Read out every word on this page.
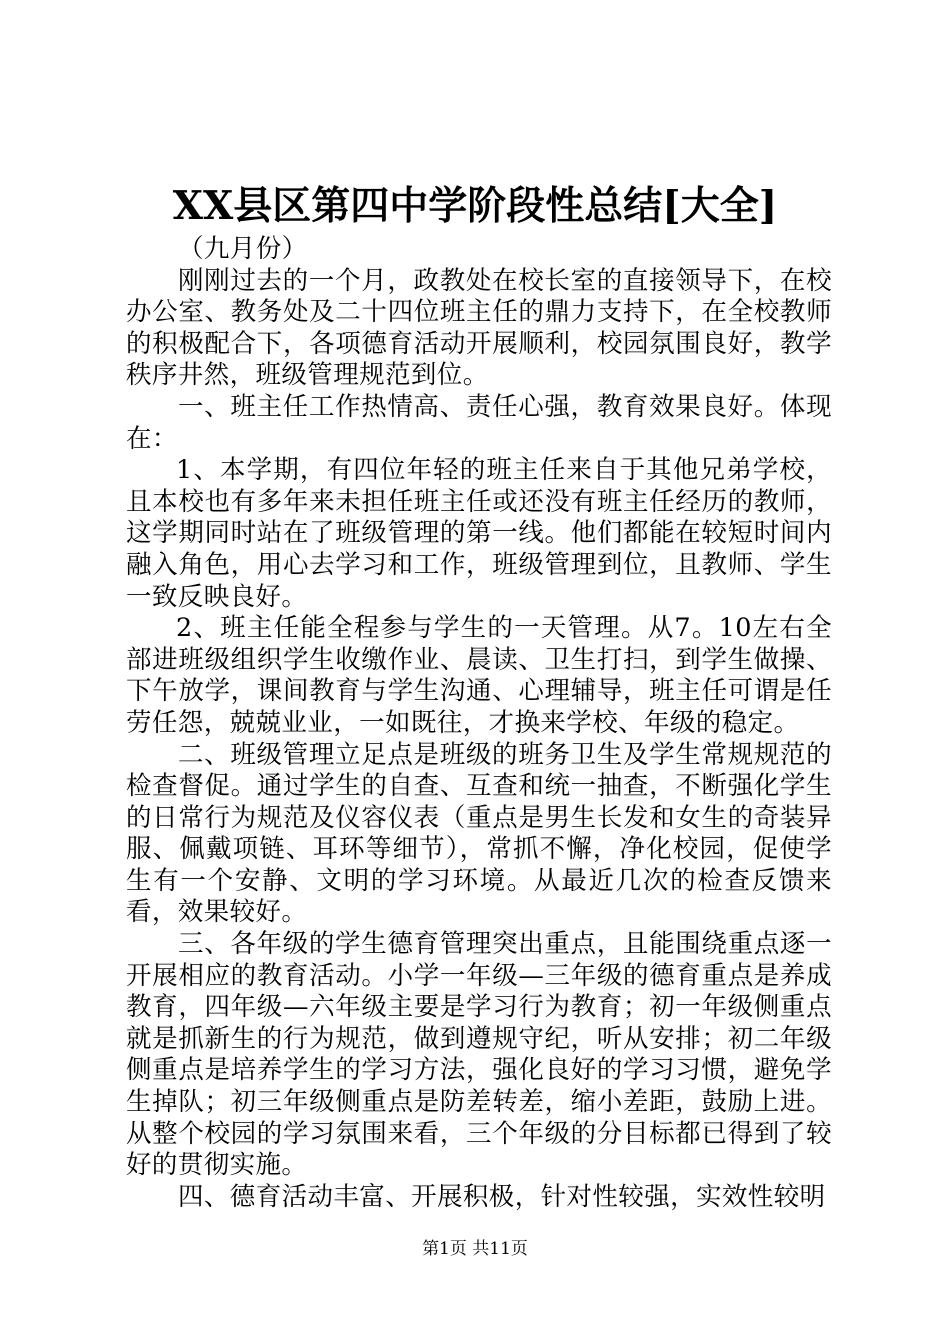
XX县区第四中学阶段性总结[大全]

（九月份）

刚刚过去的一个月，政教处在校长室的直接领导下，在校办公室、教务处及二十四位班主任的鼎力支持下，在全校教师的积极配合下，各项德育活动开展顺利，校园氛围良好，教学秩序井然，班级管理规范到位。

一、班主任工作热情高、责任心强，教育效果良好。体现在：

1、本学期，有四位年轻的班主任来自于其他兄弟学校，且本校也有多年来未担任班主任或还没有班主任经历的教师，这学期同时站在了班级管理的第一线。他们都能在较短时间内融入角色，用心去学习和工作，班级管理到位，且教师、学生一致反映良好。

2、班主任能全程参与学生的一天管理。从7。10左右全部进班级组织学生收缴作业、晨读、卫生打扫，到学生做操、下午放学，课间教育与学生沟通、心理辅导，班主任可谓是任劳任怨，兢兢业业，一如既往，才换来学校、年级的稳定。

二、班级管理立足点是班级的班务卫生及学生常规规范的检查督促。通过学生的自查、互查和统一抽查，不断强化学生的日常行为规范及仪容仪表（重点是男生长发和女生的奇装异服、佩戴项链、耳环等细节），常抓不懈，净化校园，促使学生有一个安静、文明的学习环境。从最近几次的检查反馈来看，效果较好。

三、各年级的学生德育管理突出重点，且能围绕重点逐一开展相应的教育活动。小学一年级—三年级的德育重点是养成教育，四年级—六年级主要是学习行为教育；初一年级侧重点就是抓新生的行为规范，做到遵规守纪，听从安排；初二年级侧重点是培养学生的学习方法，强化良好的学习习惯，避免学生掉队；初三年级侧重点是防差转差，缩小差距，鼓励上进。从整个校园的学习氛围来看，三个年级的分目标都已得到了较好的贯彻实施。

四、德育活动丰富、开展积极，针对性较强，实效性较明

第1页 共11页
